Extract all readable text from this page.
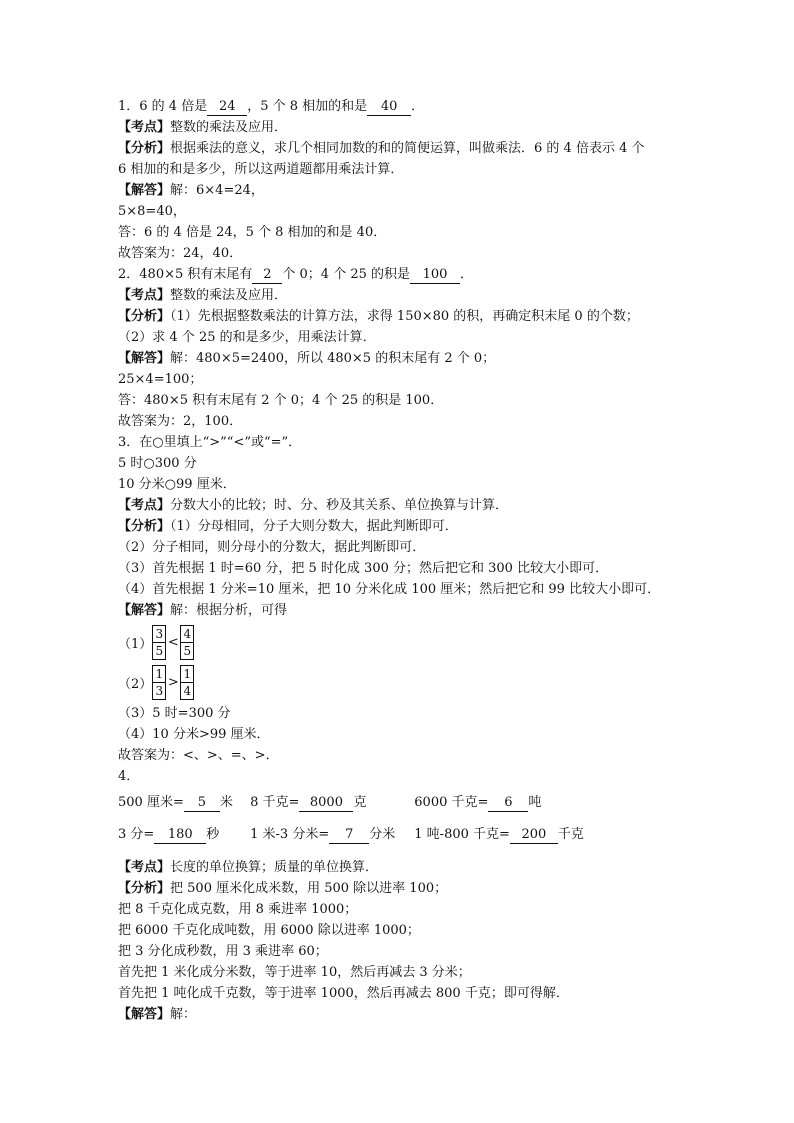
1．6 的 4 倍是 24 ，5 个 8 相加的和是 40 ．
【考点】整数的乘法及应用．
【分析】根据乘法的意义，求几个相同加数的和的简便运算，叫做乘法．6 的 4 倍表示 4 个
6 相加的和是多少，所以这两道题都用乘法计算．
【解答】解：6×4=24，
5×8=40，
答：6 的 4 倍是 24，5 个 8 相加的和是 40．
故答案为：24，40．
2．480×5 积有末尾有 2 个 0；4 个 25 的积是 100 ．
【考点】整数的乘法及应用．
【分析】（1）先根据整数乘法的计算方法，求得 150×80 的积，再确定积末尾 0 的个数；
（2）求 4 个 25 的和是多少，用乘法计算．
【解答】解：480×5=2400，所以 480×5 的积末尾有 2 个 0；
25×4=100；
答：480×5 积有末尾有 2 个 0；4 个 25 的积是 100．
故答案为：2，100．
3．在○里填上“>”“<”或“=”．
5 时○300 分
10 分米○99 厘米．
【考点】分数大小的比较；时、分、秒及其关系、单位换算与计算．
【分析】（1）分母相同，分子大则分数大，据此判断即可．
（2）分子相同，则分母小的分数大，据此判断即可．
（3）首先根据 1 时=60 分，把 5 时化成 300 分；然后把它和 300 比较大小即可．
（4）首先根据 1 分米=10 厘米，把 10 分米化成 100 厘米；然后把它和 99 比较大小即可．
【解答】解：根据分析，可得
$(1) \frac{3}{5} < \frac{4}{5}$
$(2) \frac{1}{3} > \frac{1}{4}$
（3）5 时=300 分
（4）10 分米>99 厘米．
故答案为：<、>、=、>．
4．
500 厘米= 5 米 8 千克= 8000 克	6000 千克= 6 吨
3 分= 180 秒 1 米-3 分米= 7 分米 1 吨-800 千克= 200 千克
【考点】长度的单位换算；质量的单位换算．
【分析】把 500 厘米化成米数，用 500 除以进率 100；
把 8 千克化成克数，用 8 乘进率 1000；
把 6000 千克化成吨数，用 6000 除以进率 1000；
把 3 分化成秒数，用 3 乘进率 60；
首先把 1 米化成分米数，等于进率 10，然后再减去 3 分米；
首先把 1 吨化成千克数，等于进率 1000，然后再减去 800 千克；即可得解．
【解答】解：
